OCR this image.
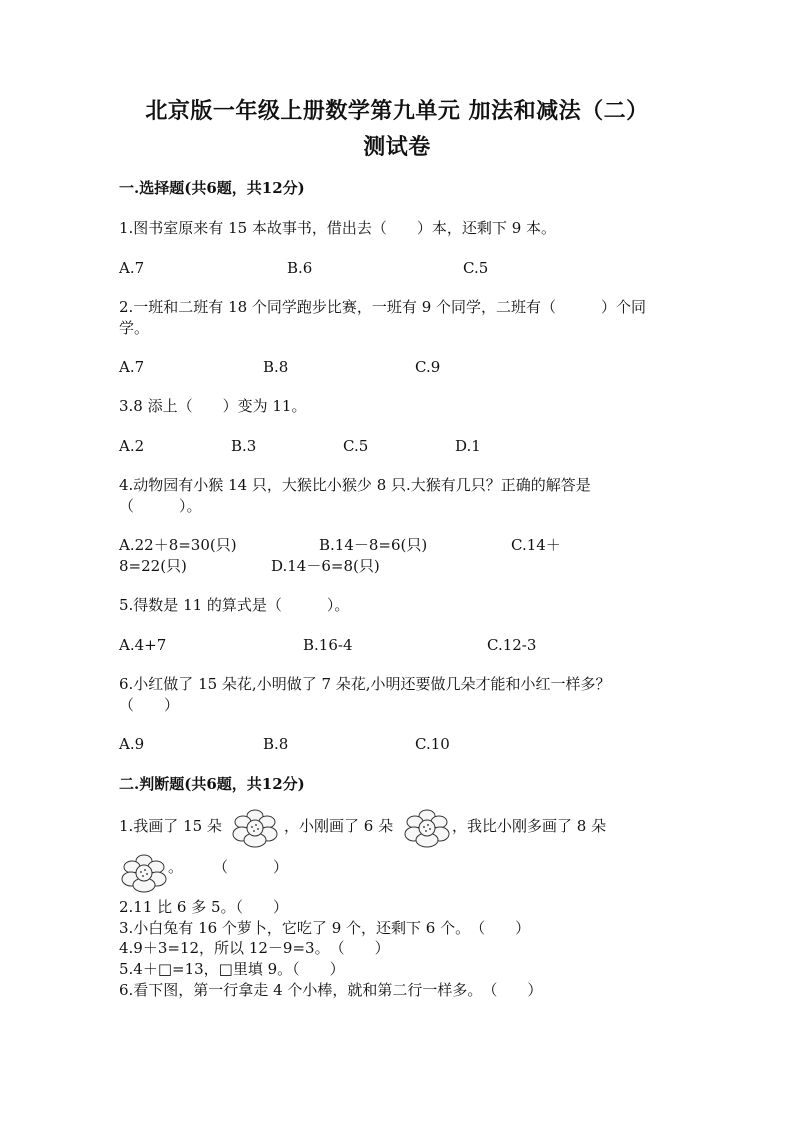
北京版一年级上册数学第九单元 加法和减法（二）
测试卷
一.选择题(共6题，共12分)
1.图书室原来有 15 本故事书，借出去（　　）本，还剩下 9 本。
A.7	B.6	C.5
2.一班和二班有 18 个同学跑步比赛，一班有 9 个同学，二班有（　　　）个同
学。
A.7	B.8	C.9
3.8 添上（　　）变为 11。
A.2	B.3	C.5	D.1
4.动物园有小猴 14 只，大猴比小猴少 8 只.大猴有几只？正确的解答是
（　　　）。
A.22＋8=30(只)	B.14－8=6(只)	C.14＋
8=22(只)	D.14－6=8(只)
5.得数是 11 的算式是（　　　）。
A.4+7	B.16-4	C.12-3
6.小红做了 15 朵花,小明做了 7 朵花,小明还要做几朵才能和小红一样多？
（　　）
A.9	B.8	C.10
二.判断题(共6题，共12分)
1.我画了 15 朵	，小刚画了 6 朵	，我比小刚多画了 8 朵
。　　　（　　　）
2.11 比 6 多 5。（　　）
3.小白兔有 16 个萝卜，它吃了 9 个，还剩下 6 个。　（　　）
4.9＋3=12，所以 12－9=3。　（　　）
5.4＋□=13，□里填 9。（　　）
6.看下图，第一行拿走 4 个小棒，就和第二行一样多。　（　　）
